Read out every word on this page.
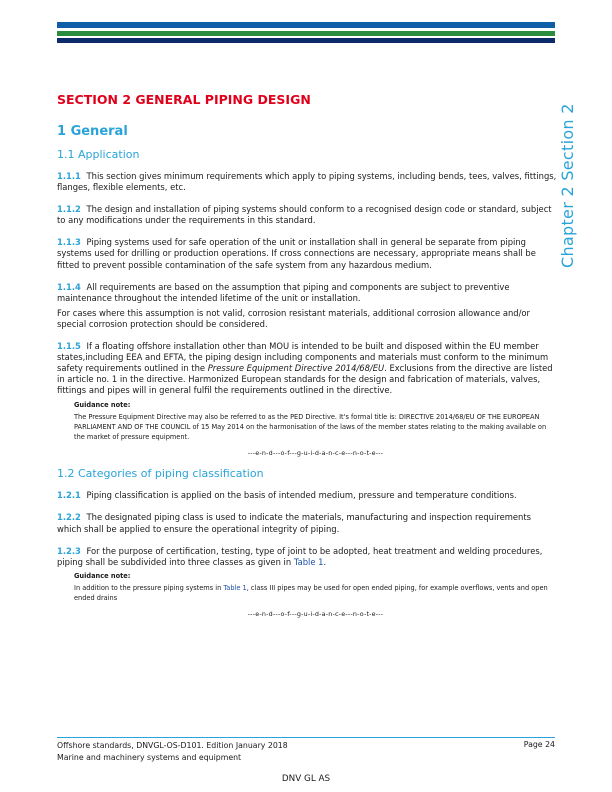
Chapter 2 Section 2
SECTION 2 GENERAL PIPING DESIGN
1 General
1.1 Application

1.1.1 This section gives minimum requirements which apply to piping systems, including bends, tees, valves, fittings, flanges, flexible elements, etc.

1.1.2 The design and installation of piping systems should conform to a recognised design code or standard, subject to any modifications under the requirements in this standard.

1.1.3 Piping systems used for safe operation of the unit or installation shall in general be separate from piping systems used for drilling or production operations. If cross connections are necessary, appropriate means shall be fitted to prevent possible contamination of the safe system from any hazardous medium.

1.1.4 All requirements are based on the assumption that piping and components are subject to preventive maintenance throughout the intended lifetime of the unit or installation.

For cases where this assumption is not valid, corrosion resistant materials, additional corrosion allowance and/or special corrosion protection should be considered.

1.1.5 If a floating offshore installation other than MOU is intended to be built and disposed within the EU member states,including EEA and EFTA, the piping design including components and materials must conform to the minimum safety requirements outlined in the Pressure Equipment Directive 2014/68/EU. Exclusions from the directive are listed in article no. 1 in the directive. Harmonized European standards for the design and fabrication of materials, valves, fittings and pipes will in general fulfil the requirements outlined in the directive.

Guidance note:
The Pressure Equipment Directive may also be referred to as the PED Directive. It's formal title is: DIRECTIVE 2014/68/EU OF THE EUROPEAN PARLIAMENT AND OF THE COUNCIL of 15 May 2014 on the harmonisation of the laws of the member states relating to the making available on the market of pressure equipment.
---e-n-d---o-f---g-u-i-d-a-n-c-e---n-o-t-e---
1.2 Categories of piping classification

1.2.1 Piping classification is applied on the basis of intended medium, pressure and temperature conditions.

1.2.2 The designated piping class is used to indicate the materials, manufacturing and inspection requirements which shall be applied to ensure the operational integrity of piping.

1.2.3 For the purpose of certification, testing, type of joint to be adopted, heat treatment and welding procedures, piping shall be subdivided into three classes as given in Table 1.

Guidance note:
In addition to the pressure piping systems in Table 1, class III pipes may be used for open ended piping, for example overflows, vents and open ended drains
---e-n-d---o-f---g-u-i-d-a-n-c-e---n-o-t-e---
Offshore standards, DNVGL-OS-D101. Edition January 2018
Marine and machinery systems and equipment
Page 24
DNV GL AS
